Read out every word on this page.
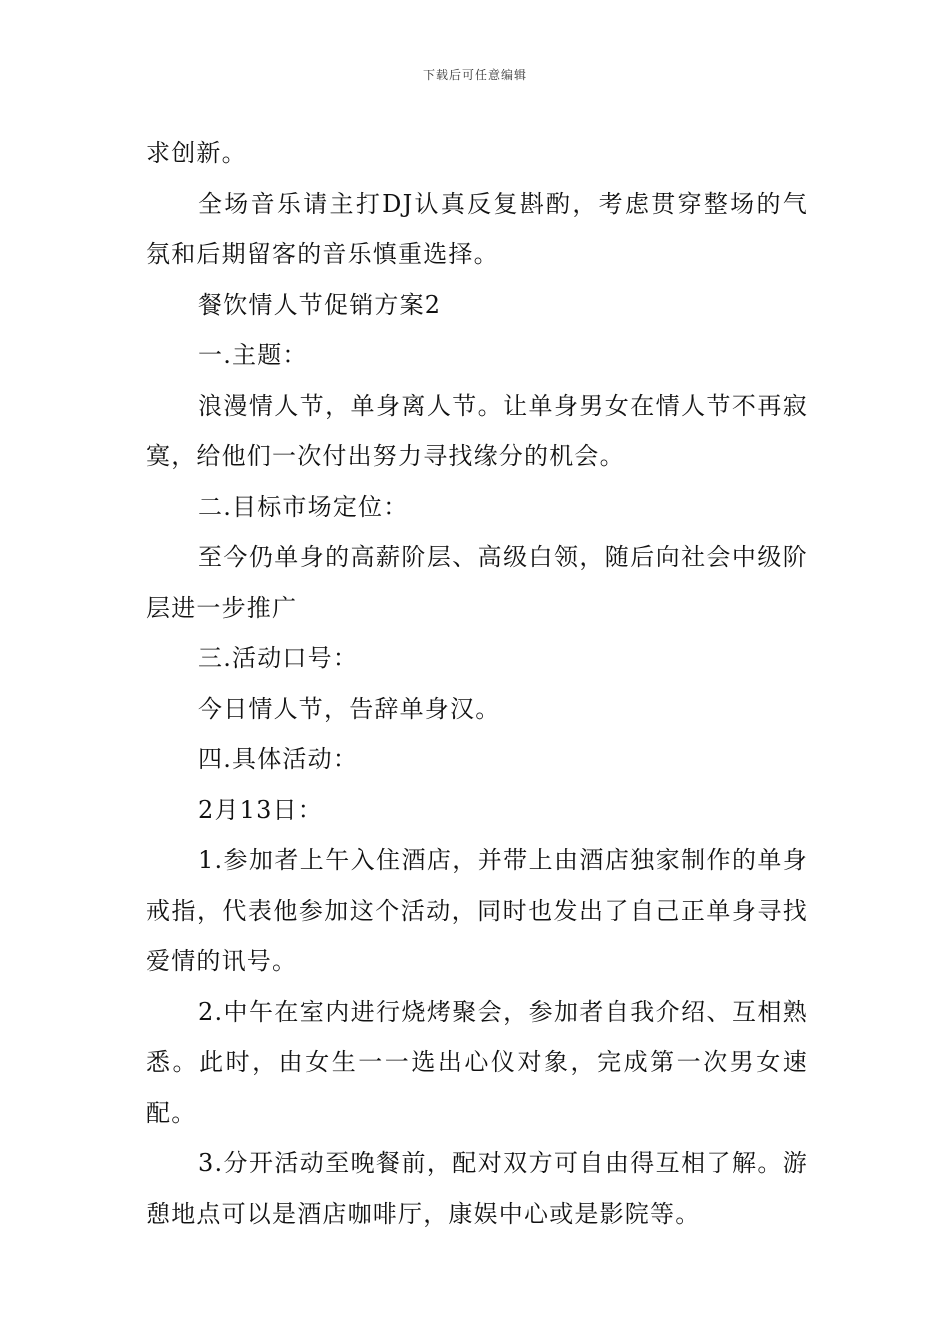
下载后可任意编辑

求创新。

全场音乐请主打DJ认真反复斟酌，考虑贯穿整场的气氛和后期留客的音乐慎重选择。

餐饮情人节促销方案2

一.主题：

浪漫情人节，单身离人节。让单身男女在情人节不再寂寞，给他们一次付出努力寻找缘分的机会。

二.目标市场定位：

至今仍单身的高薪阶层、高级白领，随后向社会中级阶层进一步推广

三.活动口号：

今日情人节，告辞单身汉。

四.具体活动：

2月13日：

1.参加者上午入住酒店，并带上由酒店独家制作的单身戒指，代表他参加这个活动，同时也发出了自己正单身寻找爱情的讯号。

2.中午在室内进行烧烤聚会，参加者自我介绍、互相熟悉。此时，由女生一一选出心仪对象，完成第一次男女速配。

3.分开活动至晚餐前，配对双方可自由得互相了解。游憩地点可以是酒店咖啡厅，康娱中心或是影院等。
